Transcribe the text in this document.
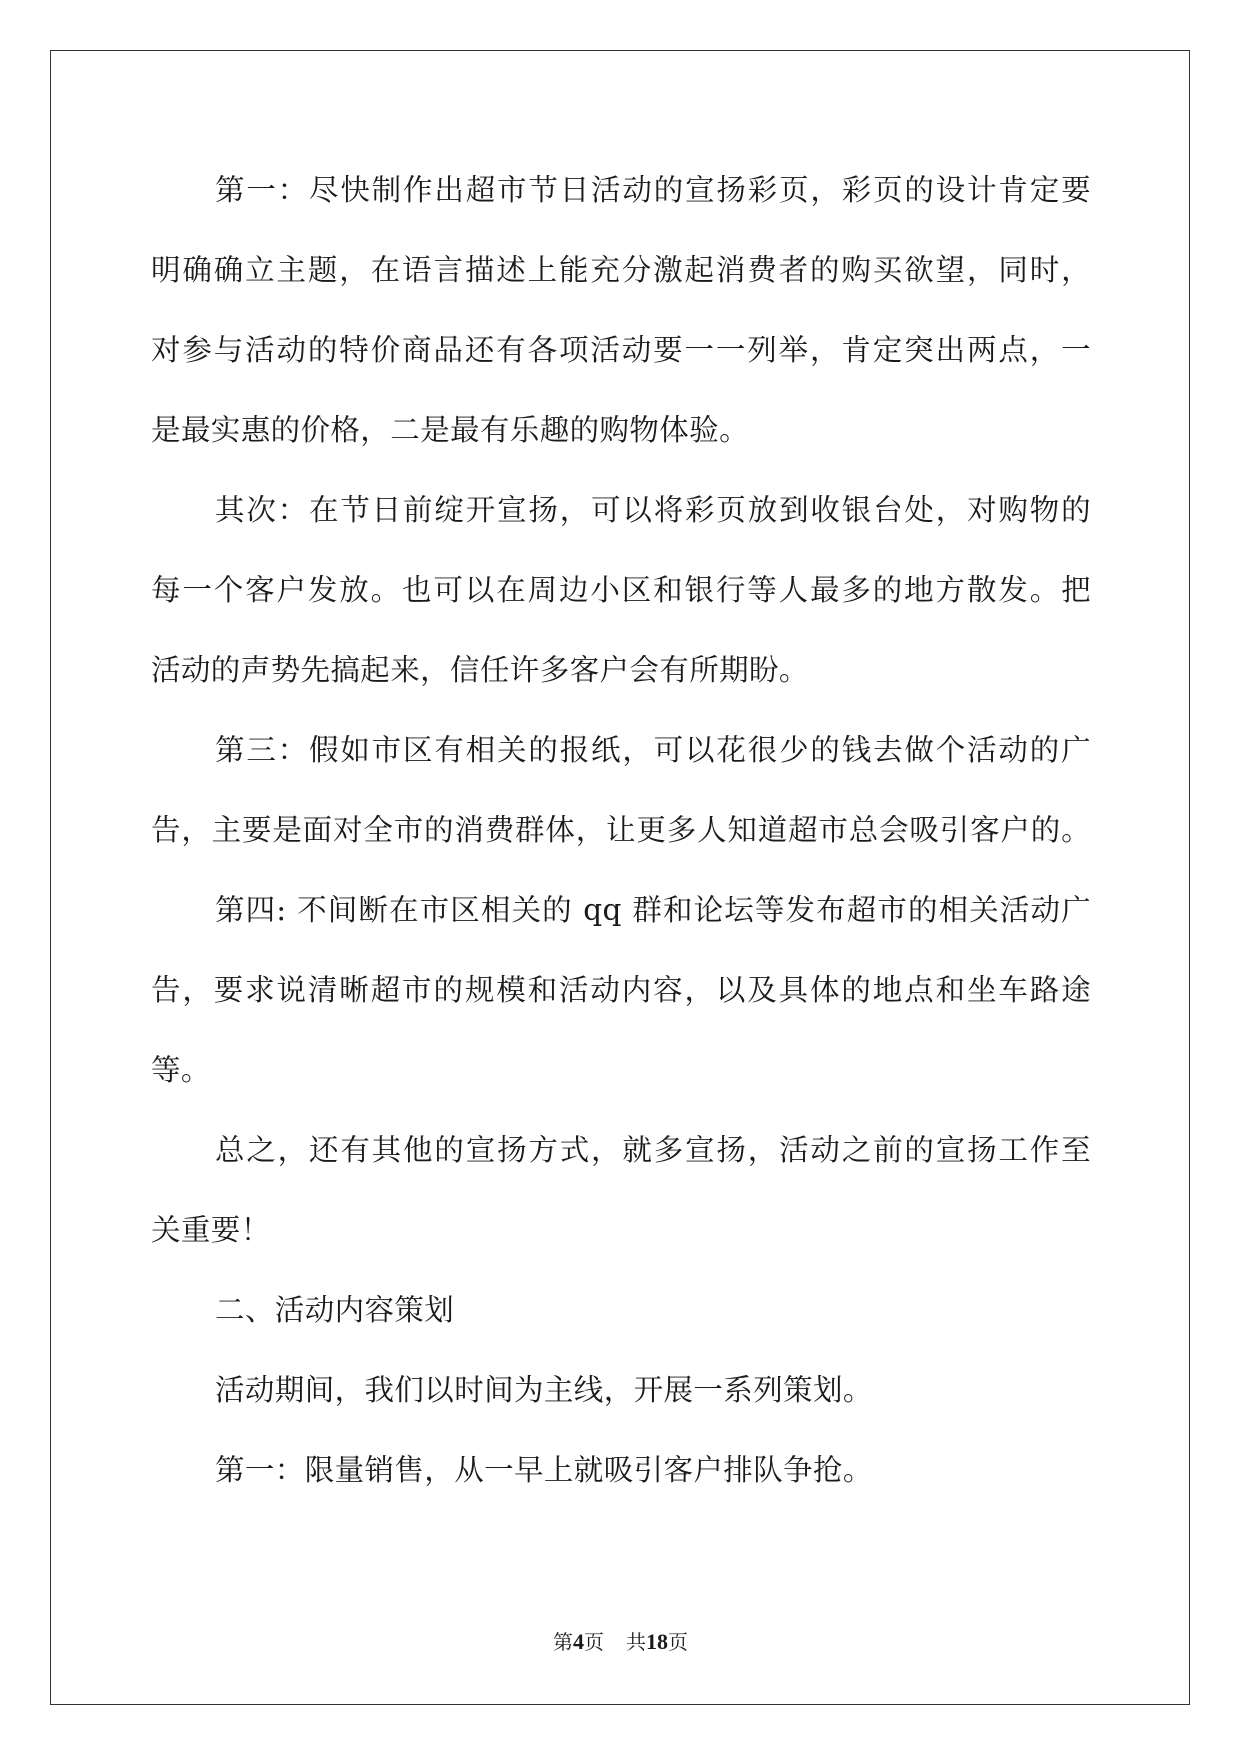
第一：尽快制作出超市节日活动的宣扬彩页，彩页的设计肯定要

明确确立主题，在语言描述上能充分激起消费者的购买欲望，同时，

对参与活动的特价商品还有各项活动要一一列举，肯定突出两点，一

是最实惠的价格，二是最有乐趣的购物体验。

其次：在节日前绽开宣扬，可以将彩页放到收银台处，对购物的

每一个客户发放。也可以在周边小区和银行等人最多的地方散发。把

活动的声势先搞起来，信任许多客户会有所期盼。

第三：假如市区有相关的报纸，可以花很少的钱去做个活动的广

告，主要是面对全市的消费群体，让更多人知道超市总会吸引客户的。

第四: 不间断在市区相关的 qq 群和论坛等发布超市的相关活动广

告，要求说清晰超市的规模和活动内容，以及具体的地点和坐车路途

等。

总之，还有其他的宣扬方式，就多宣扬，活动之前的宣扬工作至

关重要！

二、活动内容策划

活动期间，我们以时间为主线，开展一系列策划。

第一：限量销售，从一早上就吸引客户排队争抢。

第4页 共18页
